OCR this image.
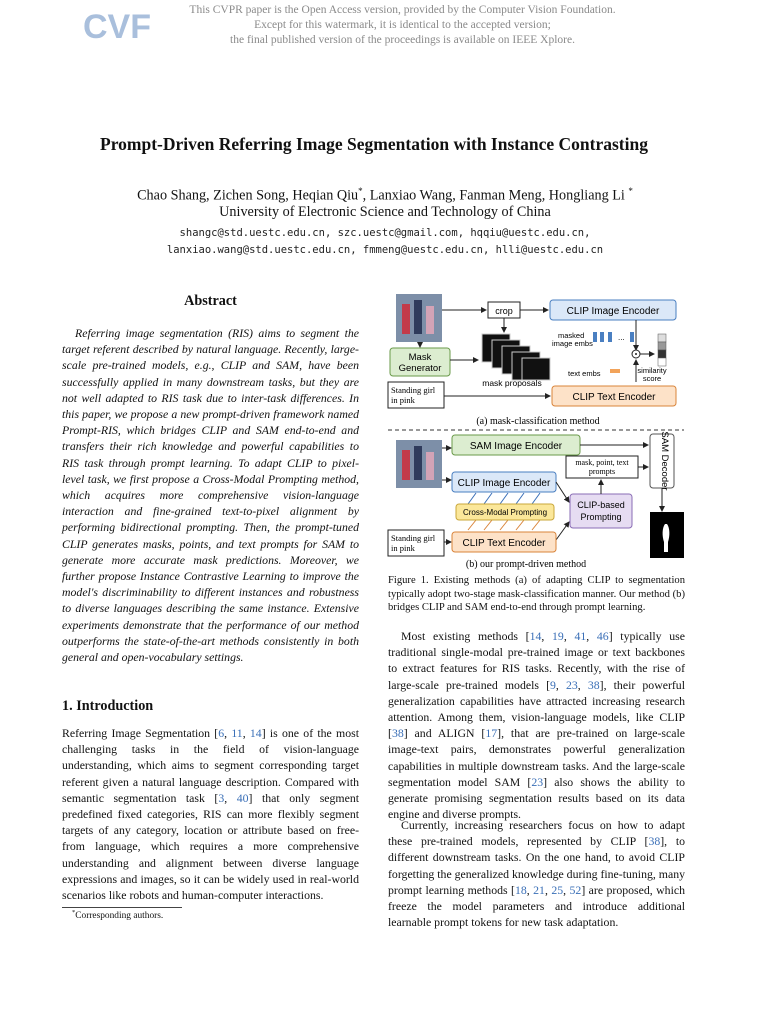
CVF	This CVPR paper is the Open Access version, provided by the Computer Vision Foundation.
Except for this watermark, it is identical to the accepted version;
the final published version of the proceedings is available on IEEE Xplore.
Prompt-Driven Referring Image Segmentation with Instance Contrasting
Chao Shang, Zichen Song, Heqian Qiu*, Lanxiao Wang, Fanman Meng, Hongliang Li *
University of Electronic Science and Technology of China
shangc@std.uestc.edu.cn, szc.uestc@gmail.com, hqqiu@uestc.edu.cn,
lanxiao.wang@std.uestc.edu.cn, fmmeng@uestc.edu.cn, hlli@uestc.edu.cn
Abstract
Referring image segmentation (RIS) aims to segment the target referent described by natural language. Recently, large-scale pre-trained models, e.g., CLIP and SAM, have been successfully applied in many downstream tasks, but they are not well adapted to RIS task due to inter-task differences. In this paper, we propose a new prompt-driven framework named Prompt-RIS, which bridges CLIP and SAM end-to-end and transfers their rich knowledge and powerful capabilities to RIS task through prompt learning. To adapt CLIP to pixel-level task, we first propose a Cross-Modal Prompting method, which acquires more comprehensive vision-language interaction and fine-grained text-to-pixel alignment by performing bidirectional prompting. Then, the prompt-tuned CLIP generates masks, points, and text prompts for SAM to generate more accurate mask predictions. Moreover, we further propose Instance Contrastive Learning to improve the model's discriminability to different instances and robustness to diverse languages describing the same instance. Extensive experiments demonstrate that the performance of our method outperforms the state-of-the-art methods consistently in both general and open-vocabulary settings.
1. Introduction
Referring Image Segmentation [6, 11, 14] is one of the most challenging tasks in the field of vision-language understanding, which aims to segment corresponding target referent given a natural language description. Compared with semantic segmentation task [3, 40] that only segment predefined fixed categories, RIS can more flexibly segment targets of any category, location or attribute based on free-from language, which requires a more comprehensive understanding and alignment between diverse language expressions and images, so it can be widely used in real-world scenarios like robots and human-computer interactions.
*Corresponding authors.
crop	CLIP Image Encoder
Mask
Generator
mask proposals
masked
image embs
...
text embs	similarity
score
Standing girl
in pink	CLIP Text Encoder
(a) mask-classification method
SAM Image Encoder	SAM Decoder
mask, point, text
prompts
CLIP Image Encoder
Cross-Modal Prompting
CLIP-based
Prompting
Standing girl
in pink	CLIP Text Encoder
(b) our prompt-driven method
Figure 1. Existing methods (a) of adapting CLIP to segmentation typically adopt two-stage mask-classification manner. Our method (b) bridges CLIP and SAM end-to-end through prompt learning.
Most existing methods [14, 19, 41, 46] typically use traditional single-modal pre-trained image or text backbones to extract features for RIS tasks. Recently, with the rise of large-scale pre-trained models [9, 23, 38], their powerful generalization capabilities have attracted increasing research attention. Among them, vision-language models, like CLIP [38] and ALIGN [17], that are pre-trained on large-scale image-text pairs, demonstrates powerful generalization capabilities in multiple downstream tasks. And the large-scale segmentation model SAM [23] also shows the ability to generate promising segmentation results based on its data engine and diverse prompts.
Currently, increasing researchers focus on how to adapt these pre-trained models, represented by CLIP [38], to different downstream tasks. On the one hand, to avoid CLIP forgetting the generalized knowledge during fine-tuning, many prompt learning methods [18, 21, 25, 52] are proposed, which freeze the model parameters and introduce additional learnable prompt tokens for new task adaptation.
